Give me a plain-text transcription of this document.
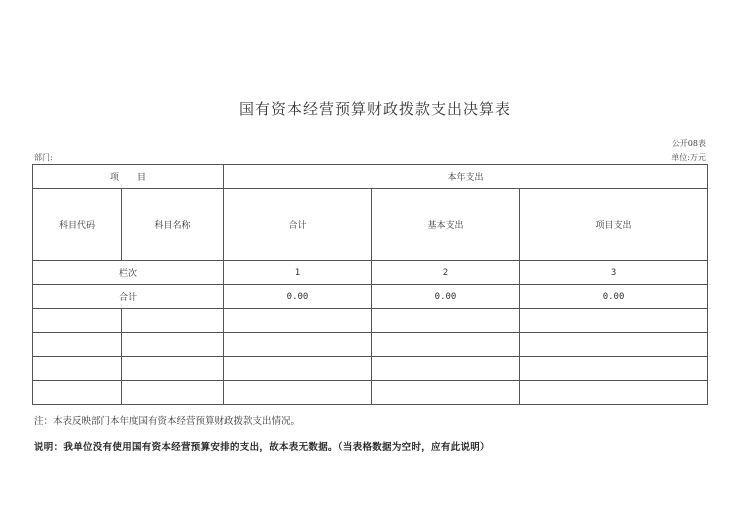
国有资本经营预算财政拨款支出决算表
公开08表
部门:	单位:万元
项　　目		本年支出		
科目代码	科目名称	合计	基本支出	项目支出
栏次		1	2	3
合计		0.00	0.00	0.00

注：本表反映部门本年度国有资本经营预算财政拨款支出情况。
说明：我单位没有使用国有资本经营预算安排的支出，故本表无数据。（当表格数据为空时，应有此说明）
